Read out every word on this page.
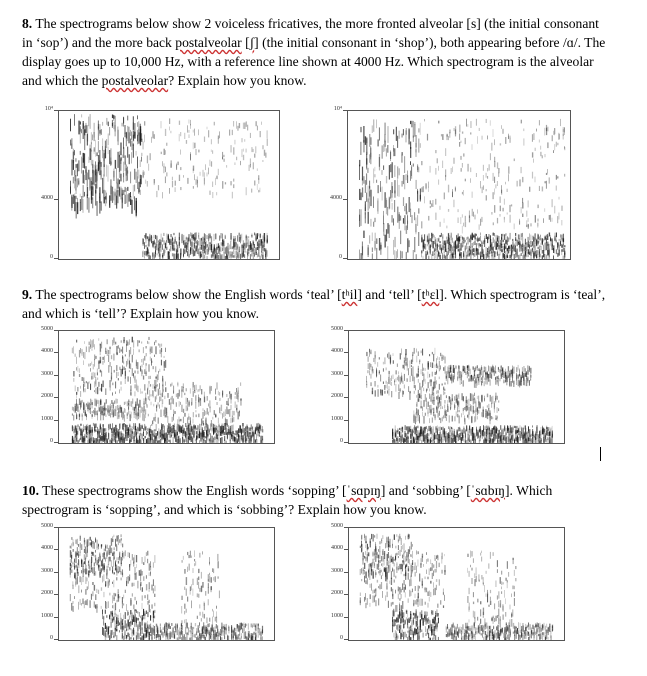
8. The spectrograms below show 2 voiceless fricatives, the more fronted alveolar [s] (the initial consonant in ‘sop’) and the more back postalveolar [ʃ] (the initial consonant in ‘shop’), both appearing before /ɑ/. The display goes up to 10,000 Hz, with a reference line shown at 4000 Hz. Which spectrogram is the alveolar and which the postalveolar? Explain how you know.

9. The spectrograms below show the English words ‘teal’ [tʰil] and ‘tell’ [tʰɛl]. Which spectrogram is ‘teal’, and which is ‘tell’? Explain how you know.

10. These spectrograms show the English words ‘sopping’ [ˈsɑpɪŋ] and ‘sobbing’ [ˈsɑbɪŋ]. Which spectrogram is ‘sopping’, and which is ‘sobbing’? Explain how you know.

10⁴
4000
0
10⁴
4000
0
5000
4000
3000
2000
1000
0
5000
4000
3000
2000
1000
0
5000
4000
3000
2000
1000
0
5000
4000
3000
2000
1000
0
